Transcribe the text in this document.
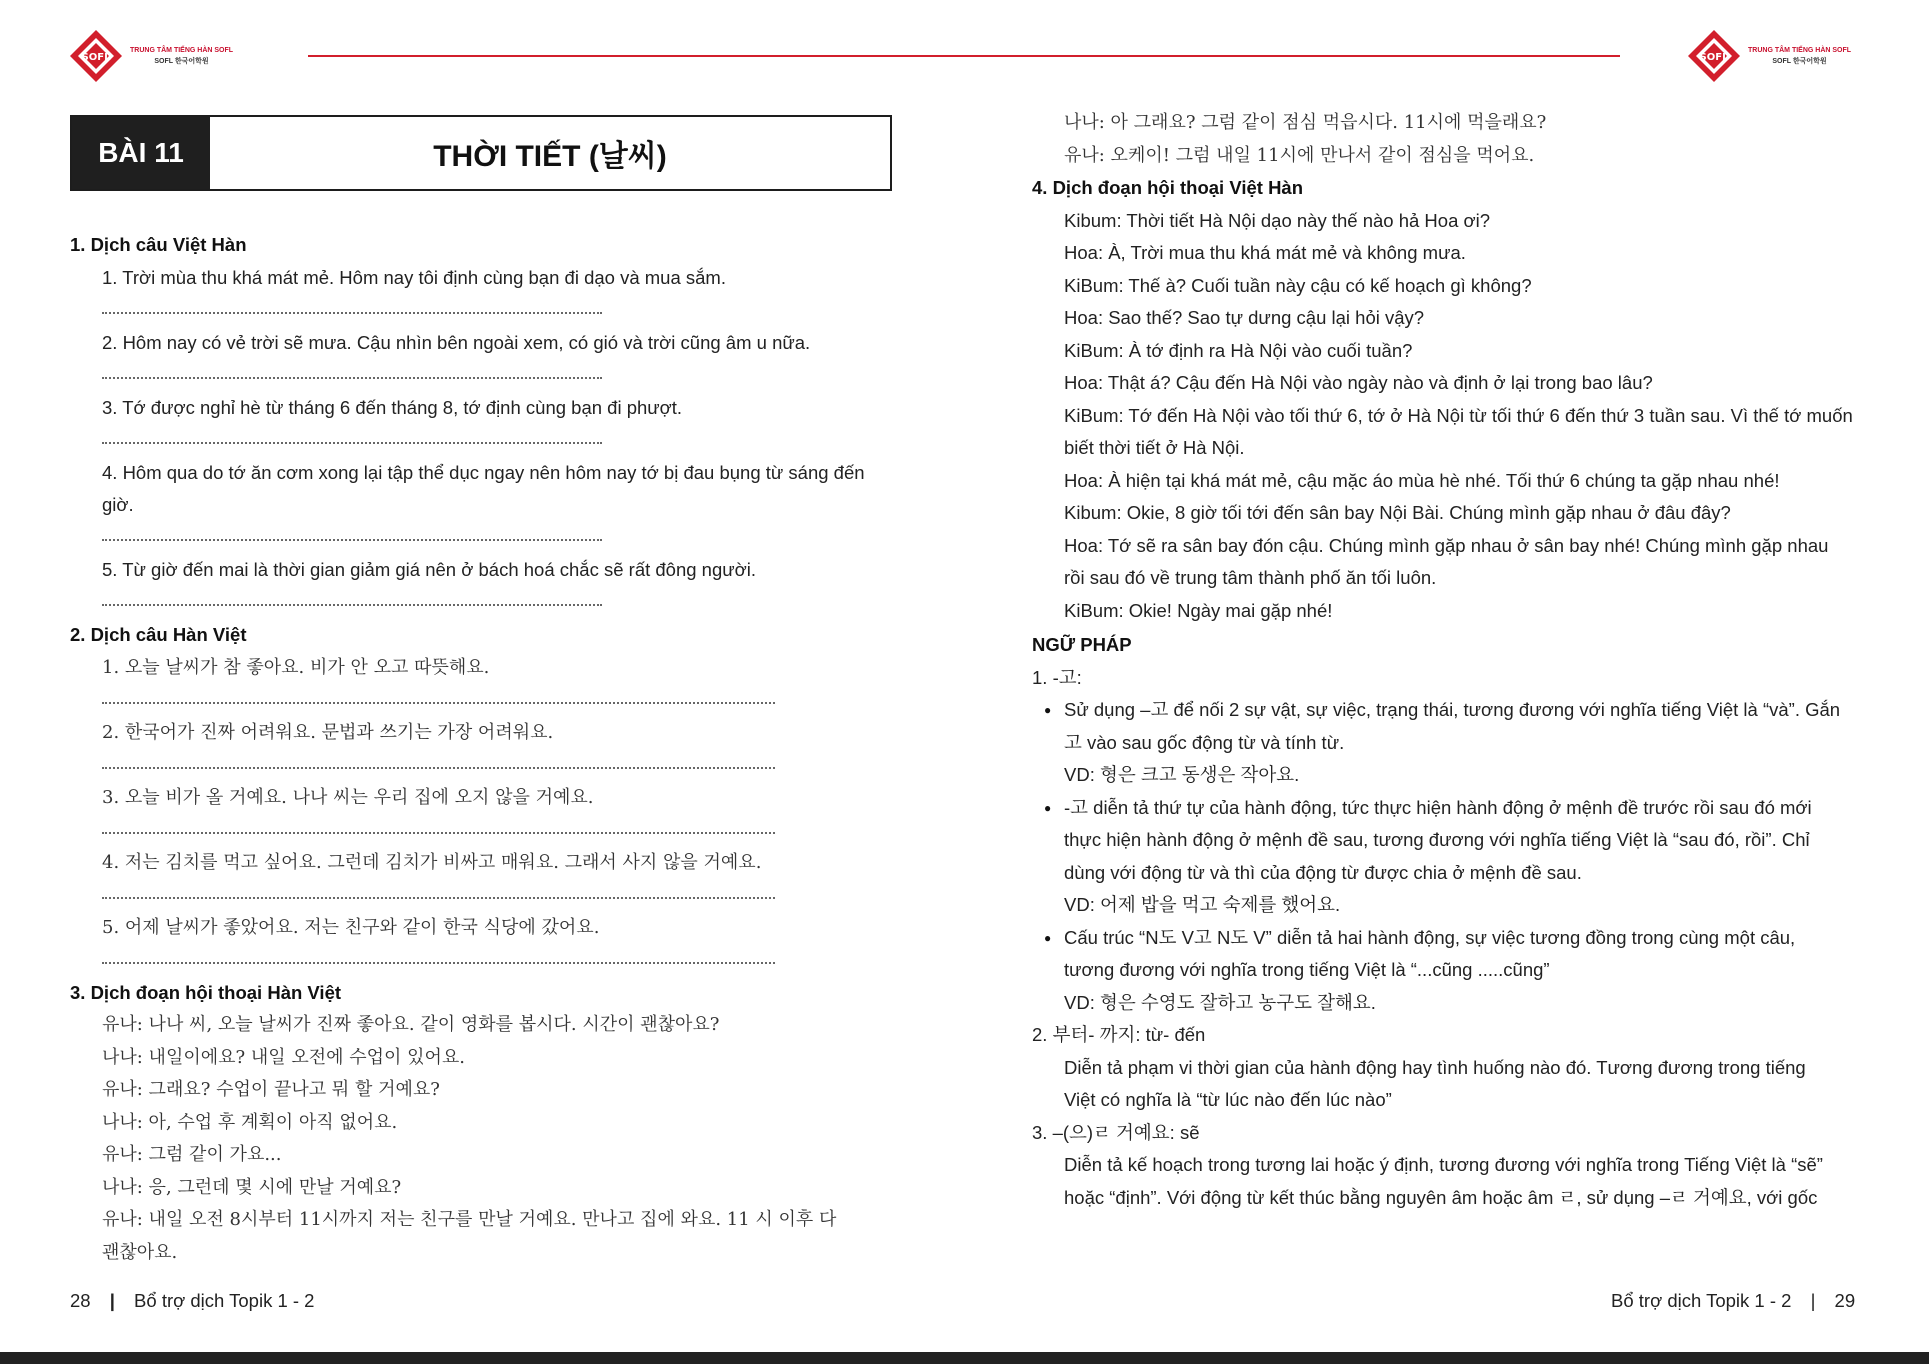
SOFL
TRUNG TÂM TIẾNG HÀN SOFL
SOFL 한국어학원
BÀI 11	THỜI TIẾT (날씨)

1. Dịch câu Việt Hàn

1. Trời mùa thu khá mát mẻ. Hôm nay tôi định cùng bạn đi dạo và mua sắm.

2. Hôm nay có vẻ trời sẽ mưa. Cậu nhìn bên ngoài xem, có gió và trời cũng âm u nữa.

3. Tớ được nghỉ hè từ tháng 6 đến tháng 8, tớ định cùng bạn đi phượt.

4. Hôm qua do tớ ăn cơm xong lại tập thể dục ngay nên hôm nay tớ bị đau bụng từ sáng đến

giờ.

5. Từ giờ đến mai là thời gian giảm giá nên ở bách hoá chắc sẽ rất đông người.

2. Dịch câu Hàn Việt

1. 오늘 날씨가 참 좋아요. 비가 안 오고 따뜻해요.

2. 한국어가 진짜 어려워요. 문법과 쓰기는 가장 어려워요.

3. 오늘 비가 올 거예요. 나나 씨는 우리 집에 오지 않을 거예요.

4. 저는 김치를 먹고 싶어요. 그런데 김치가 비싸고 매워요. 그래서 사지 않을 거예요.

5. 어제 날씨가 좋았어요. 저는 친구와 같이 한국 식당에 갔어요.

3. Dịch đoạn hội thoại Hàn Việt

유나: 나나 씨, 오늘 날씨가 진짜 좋아요. 같이 영화를 봅시다. 시간이 괜찮아요?

나나: 내일이에요? 내일 오전에 수업이 있어요.

유나: 그래요? 수업이 끝나고 뭐 할 거예요?

나나: 아, 수업 후 계획이 아직 없어요.

유나: 그럼 같이 가요...

나나: 응, 그런데 몇 시에 만날 거예요?

유나: 내일 오전 8시부터 11시까지 저는 친구를 만날 거예요. 만나고 집에 와요. 11 시 이후 다

괜찮아요.

28 | Bổ trợ dịch Topik 1 - 2
SOFL
TRUNG TÂM TIẾNG HÀN SOFL
SOFL 한국어학원

나나: 아 그래요? 그럼 같이 점심 먹읍시다. 11시에 먹을래요?

유나: 오케이! 그럼 내일 11시에 만나서 같이 점심을 먹어요.

4. Dịch đoạn hội thoại Việt Hàn

Kibum: Thời tiết Hà Nội dạo này thế nào hả Hoa ơi?

Hoa: À, Trời mua thu khá mát mẻ và không mưa.

KiBum: Thế à? Cuối tuần này cậu có kế hoạch gì không?

Hoa: Sao thế? Sao tự dưng cậu lại hỏi vậy?

KiBum: À tớ định ra Hà Nội vào cuối tuần?

Hoa: Thật á? Cậu đến Hà Nội vào ngày nào và định ở lại trong bao lâu?

KiBum: Tớ đến Hà Nội vào tối thứ 6, tớ ở Hà Nội từ tối thứ 6 đến thứ 3 tuần sau. Vì thế tớ muốn

biết thời tiết ở Hà Nội.

Hoa: À hiện tại khá mát mẻ, cậu mặc áo mùa hè nhé. Tối thứ 6 chúng ta gặp nhau nhé!

Kibum: Okie, 8 giờ tối tới đến sân bay Nội Bài. Chúng mình gặp nhau ở đâu đây?

Hoa: Tớ sẽ ra sân bay đón cậu. Chúng mình gặp nhau ở sân bay nhé! Chúng mình gặp nhau

rồi sau đó về trung tâm thành phố ăn tối luôn.

KiBum: Okie! Ngày mai gặp nhé!

NGỮ PHÁP

1. -고:

● Sử dụng –고 để nối 2 sự vật, sự việc, trạng thái, tương đương với nghĩa tiếng Việt là “và”. Gắn

고 vào sau gốc động từ và tính từ.

VD: 형은 크고 동생은 작아요.

● -고 diễn tả thứ tự của hành động, tức thực hiện hành động ở mệnh đề trước rồi sau đó mới

thực hiện hành động ở mệnh đề sau, tương đương với nghĩa tiếng Việt là “sau đó, rồi”. Chỉ

dùng với động từ và thì của động từ được chia ở mệnh đề sau.

VD: 어제 밥을 먹고 숙제를 했어요.

● Cấu trúc “N도 V고 N도 V” diễn tả hai hành động, sự việc tương đồng trong cùng một câu,

tương đương với nghĩa trong tiếng Việt là “...cũng .....cũng”

VD: 형은 수영도 잘하고 농구도 잘해요.

2. 부터- 까지: từ- đến

Diễn tả phạm vi thời gian của hành động hay tình huống nào đó. Tương đương trong tiếng

Việt có nghĩa là “từ lúc nào đến lúc nào”

3. –(으)ㄹ 거예요: sẽ

Diễn tả kế hoạch trong tương lai hoặc ý định, tương đương với nghĩa trong Tiếng Việt là “sẽ”

hoặc “định”. Với động từ kết thúc bằng nguyên âm hoặc âm ㄹ, sử dụng –ㄹ 거예요, với gốc

Bổ trợ dịch Topik 1 - 2 | 29
